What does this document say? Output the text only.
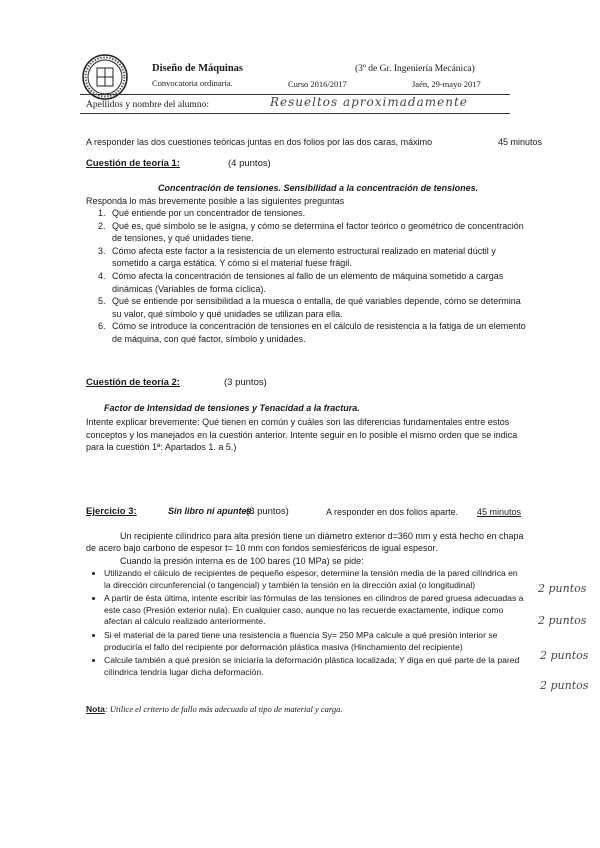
Diseño de Máquinas
Convocatoria ordinaria.
(3º de Gr. Ingeniería Mecánica)
Curso 2016/2017	Jaén, 29-mayo 2017
Apellidos y nombre del alumno:	Resueltos aproximadamente
A responder las dos cuestiones teóricas juntas en dos folios por las dos caras, máximo	45 minutos
Cuestión de teoría 1:	(4 puntos)
Concentración de tensiones. Sensibilidad a la concentración de tensiones.
Responda lo más brevemente posible a las siguientes preguntas
1. Qué entiende por un concentrador de tensiones.
2. Qué es, qué símbolo se le asigna, y cómo se determina el factor teórico o geométrico de concentración de tensiones, y qué unidades tiene.
3. Cómo afecta este factor a la resistencia de un elemento estructural realizado en material dúctil y sometido a carga estática. Y cómo si el material fuese frágil.
4. Cómo afecta la concentración de tensiones al fallo de un elemento de máquina sometido a cargas dinámicas (Variables de forma cíclica).
5. Qué se entiende por sensibilidad a la muesca o entalla, de qué variables depende, cómo se determina su valor, qué símbolo y qué unidades se utilizan para ella.
6. Cómo se introduce la concentración de tensiones en el cálculo de resistencia a la fatiga de un elemento de máquina, con qué factor, símbolo y unidades.
Cuestión de teoría 2:	(3 puntos)
Factor de Intensidad de tensiones y Tenacidad a la fractura.
Intente explicar brevemente: Qué tienen en común y cuáles son las diferencias fundamentales entre estos conceptos y los manejados en la cuestión anterior. Intente seguir en lo posible el mismo orden que se indica para la cuestión 1ª: Apartados 1. a 5.)
Ejercicio 3:	Sin libro ni apuntes.
(8 puntos)	A responder en dos folios aparte. 45 minutos
Un recipiente cilíndrico para alta presión tiene un diámetro exterior d=360 mm y está hecho en chapa de acero bajo carbono de espesor t= 10 mm con fondos semiesféricos de igual espesor.
Cuando la presión interna es de 100 bares (10 MPa) se pide:
• Utilizando el cálculo de recipientes de pequeño espesor, determine la tensión media de la pared cilíndrica en la dirección circunferencial (o tangencial) y también la tensión en la dirección axial (o longitudinal)
• A partir de ésta última, intente escribir las fórmulas de las tensiones en cilindros de pared gruesa adecuadas a este caso (Presión exterior nula). En cualquier caso, aunque no las recuerde exactamente, indique como afectan al cálculo realizado anteriormente.
• Si el material de la pared tiene una resistencia a fluencia Sy= 250 MPa calcule a qué presión interior se produciría el fallo del recipiente por deformación plástica masiva (Hinchamiento del recipiente)
• Calcule también a qué presión se iniciaría la deformación plástica localizada; Y diga en qué parte de la pared cilíndrica tendría lugar dicha deformación.
Nota: Utilice el criterio de fallo más adecuado al tipo de material y carga.
2 puntos
2 puntos
2 puntos
2 puntos
